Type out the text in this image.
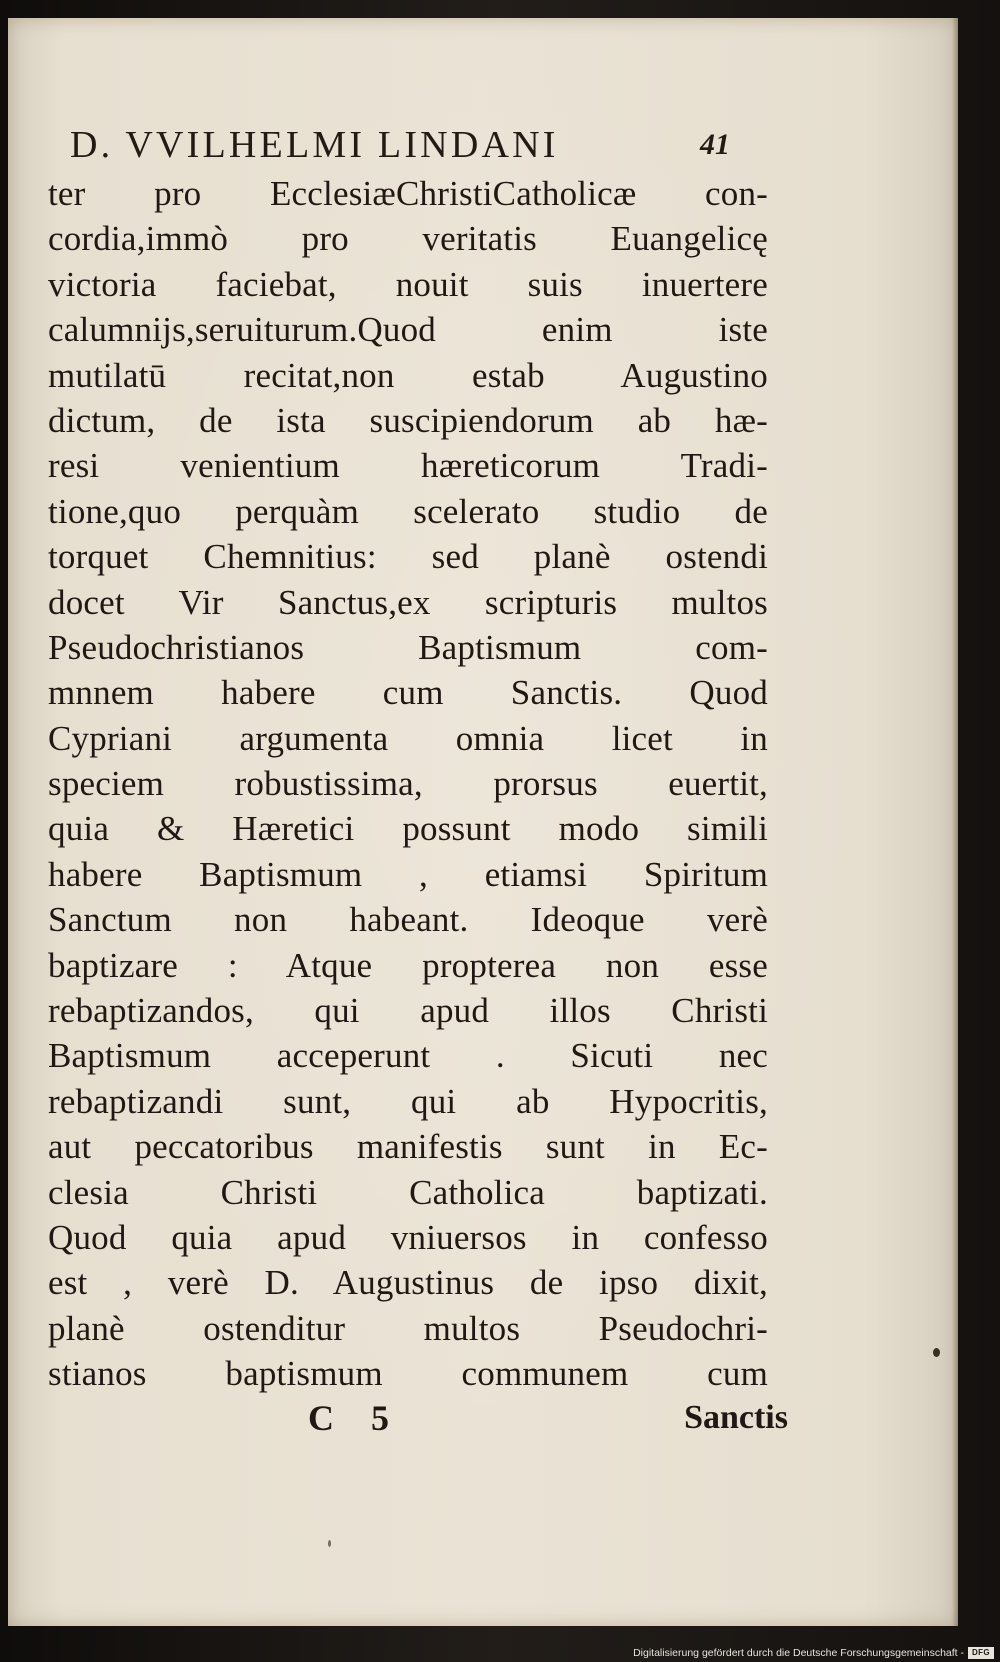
D. VVILHELMI LINDANI	41
ter pro EcclesiæChristiCatholicæ con-
cordia,immò pro veritatis Euangelicę
victoria faciebat, nouit suis inuertere
calumnijs,seruiturum.Quod enim iste
mutilatū recitat,non estab Augustino
dictum, de ista suscipiendorum ab hæ-
resi venientium hæreticorum Tradi-
tione,quo perquàm scelerato studio de
torquet Chemnitius: sed planè ostendi
docet Vir Sanctus,ex scripturis multos
Pseudochristianos Baptismum com-
mnnem habere cum Sanctis. Quod
Cypriani argumenta omnia licet in
speciem robustissima, prorsus euertit,
quia & Hæretici possunt modo simili
habere Baptismum , etiamsi Spiritum
Sanctum non habeant. Ideoque verè
baptizare : Atque propterea non esse
rebaptizandos, qui apud illos Christi
Baptismum acceperunt . Sicuti nec
rebaptizandi sunt, qui ab Hypocritis,
aut peccatoribus manifestis sunt in Ec-
clesia Christi Catholica baptizati.
Quod quia apud vniuersos in confesso
est , verè D. Augustinus de ipso dixit,
planè ostenditur multos Pseudochri-
stianos baptismum communem cum
C 5	Sanctis
Digitalisierung gefördert durch die Deutsche Forschungsgemeinschaft - DFG
